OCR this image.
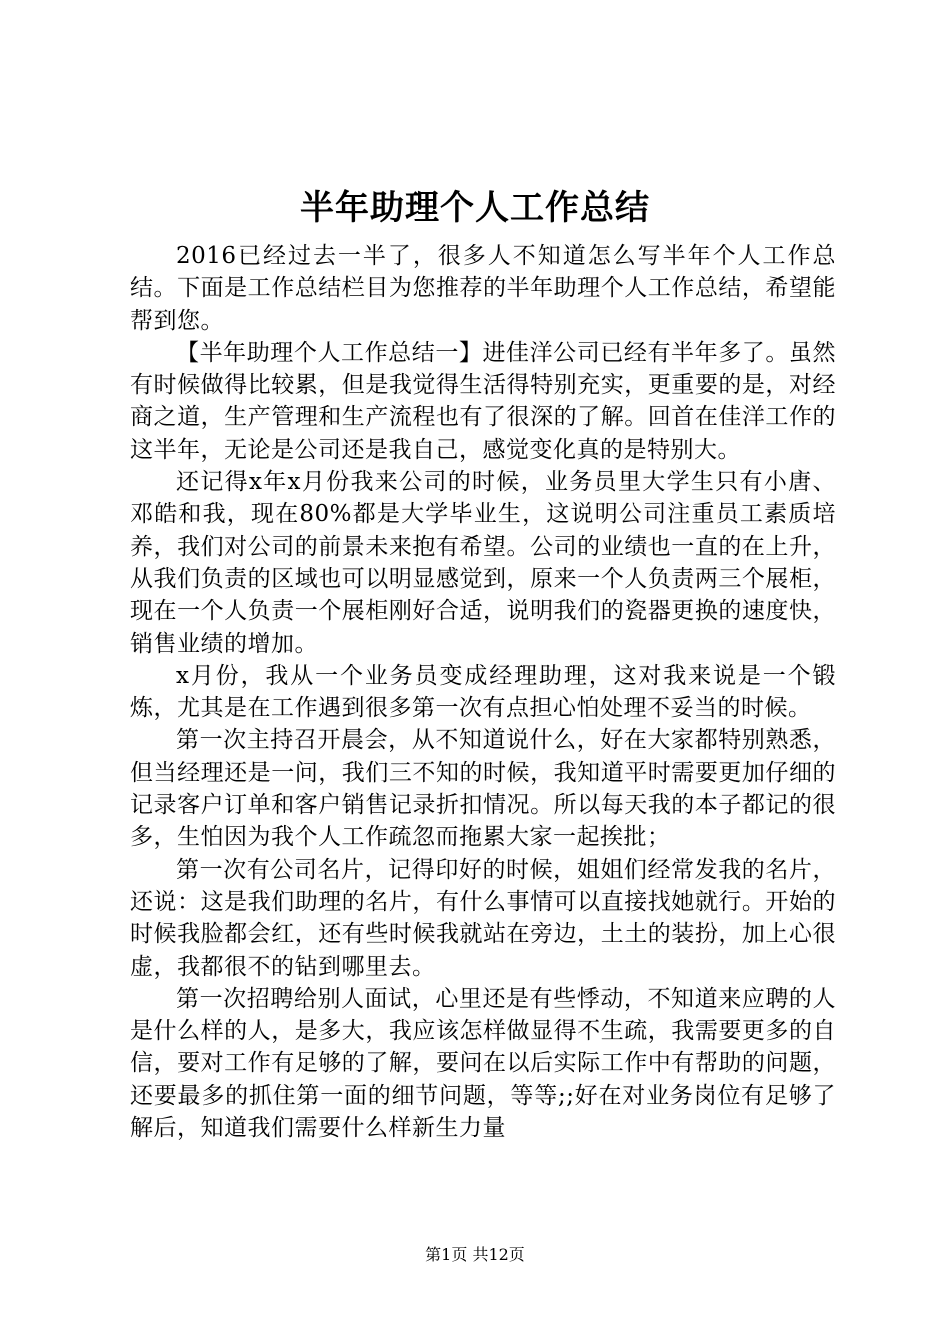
半年助理个人工作总结

2016已经过去一半了，很多人不知道怎么写半年个人工作总结。下面是工作总结栏目为您推荐的半年助理个人工作总结，希望能帮到您。

【半年助理个人工作总结一】进佳洋公司已经有半年多了。虽然有时候做得比较累，但是我觉得生活得特别充实，更重要的是，对经商之道，生产管理和生产流程也有了很深的了解。回首在佳洋工作的这半年，无论是公司还是我自己，感觉变化真的是特别大。

还记得x年x月份我来公司的时候，业务员里大学生只有小唐、邓皓和我，现在80%都是大学毕业生，这说明公司注重员工素质培养，我们对公司的前景未来抱有希望。公司的业绩也一直的在上升，从我们负责的区域也可以明显感觉到，原来一个人负责两三个展柜，现在一个人负责一个展柜刚好合适，说明我们的瓷器更换的速度快，销售业绩的增加。

x月份，我从一个业务员变成经理助理，这对我来说是一个锻炼，尤其是在工作遇到很多第一次有点担心怕处理不妥当的时候。

第一次主持召开晨会，从不知道说什么，好在大家都特别熟悉，但当经理还是一问，我们三不知的时候，我知道平时需要更加仔细的记录客户订单和客户销售记录折扣情况。所以每天我的本子都记的很多，生怕因为我个人工作疏忽而拖累大家一起挨批；

第一次有公司名片，记得印好的时候，姐姐们经常发我的名片，还说：这是我们助理的名片，有什么事情可以直接找她就行。开始的时候我脸都会红，还有些时候我就站在旁边，土土的装扮，加上心很虚，我都很不的钻到哪里去。

第一次招聘给别人面试，心里还是有些悸动，不知道来应聘的人是什么样的人，是多大，我应该怎样做显得不生疏，我需要更多的自信，要对工作有足够的了解，要问在以后实际工作中有帮助的问题，还要最多的抓住第一面的细节问题，等等;;好在对业务岗位有足够了解后，知道我们需要什么样新生力量

第1页 共12页
